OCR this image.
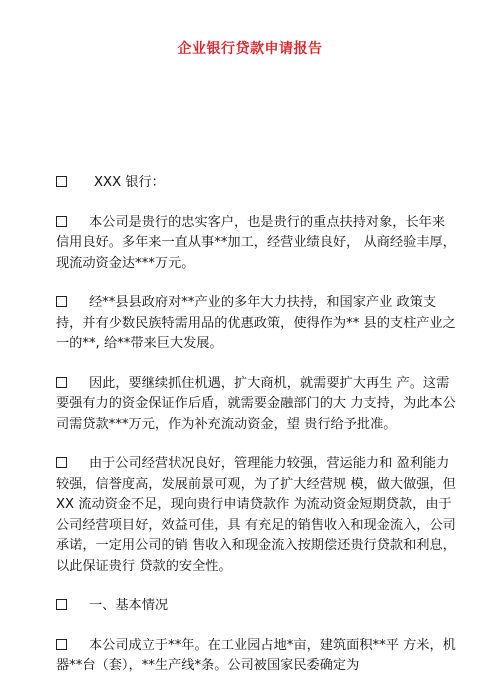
企业银行贷款申请报告

XXX 银行：

本公司是贵行的忠实客户，也是贵行的重点扶持对象，长年来信用良好。多年来一直从事**加工，经营业绩良好， 从商经验丰厚，现流动资金达***万元。

经**县县政府对**产业的多年大力扶持，和国家产业 政策支持，并有少数民族特需用品的优惠政策，使得作为** 县的支柱产业之一的**, 给**带来巨大发展。

因此，要继续抓住机遇，扩大商机，就需要扩大再生 产。这需要强有力的资金保证作后盾，就需要金融部门的大 力支持，为此本公司需贷款***万元，作为补充流动资金，望 贵行给予批准。

由于公司经营状况良好，管理能力较强，营运能力和 盈利能力较强，信誉度高，发展前景可观，为了扩大经营规 模，做大做强，但 XX 流动资金不足，现向贵行申请贷款作 为流动资金短期贷款，由于公司经营项目好，效益可佳，具 有充足的销售收入和现金流入，公司承诺，一定用公司的销 售收入和现金流入按期偿还贵行贷款和利息，以此保证贵行 贷款的安全性。

一、基本情况

本公司成立于**年。在工业园占地*亩，建筑面积**平 方米，机器**台（套），**生产线*条。公司被国家民委确定为
